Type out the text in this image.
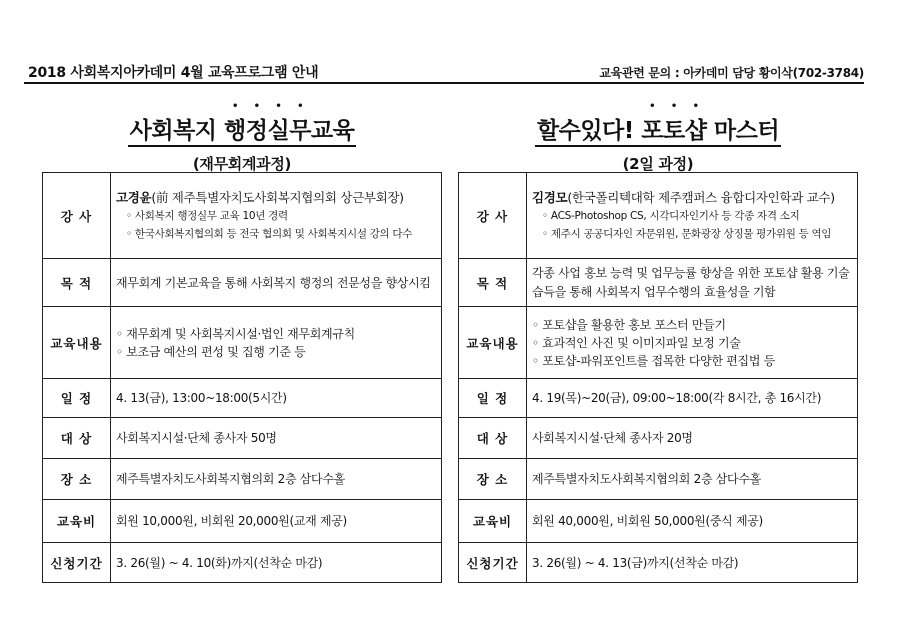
2018 사회복지아카데미 4월 교육프로그램 안내	교육관련 문의 : 아카데미 담당 황이삭(702-3784)
사회복지 행정실무교육
(재무회계과정)
할수있다! 포토샵 마스터
(2일 과정)
강 사	고경윤(前 제주특별자치도사회복지협의회 상근부회장)
◦ 사회복지 행정실무 교육 10년 경력
◦ 한국사회복지협의회 등 전국 협의회 및 사회복지시설 강의 다수

목 적	재무회계 기본교육을 통해 사회복지 행정의 전문성을 향상시킴
교육내용	◦ 재무회계 및 사회복지시설·법인 재무회계규칙
◦ 보조금 예산의 편성 및 집행 기준 등

일 정	4. 13(금), 13:00~18:00(5시간)
대 상	사회복지시설·단체 종사자 50명
장 소	제주특별자치도사회복지협의회 2층 삼다수홀
교육비	회원 10,000원, 비회원 20,000원(교재 제공)
신청기간	3. 26(월) ~ 4. 10(화)까지(선착순 마감)
강 사	김경모(한국폴리텍대학 제주캠퍼스 융합디자인학과 교수)
◦ ACS-Photoshop CS, 시각디자인기사 등 각종 자격 소지
◦ 제주시 공공디자인 자문위원, 문화광장 상징물 평가위원 등 역임

목 적	각종 사업 홍보 능력 및 업무능률 향상을 위한 포토샵 활용 기술 습득을 통해 사회복지 업무수행의 효율성을 기함
교육내용	◦ 포토샵을 활용한 홍보 포스터 만들기
◦ 효과적인 사진 및 이미지파일 보정 기술
◦ 포토샵-파워포인트를 접목한 다양한 편집법 등

일 정	4. 19(목)~20(금), 09:00~18:00(각 8시간, 총 16시간)
대 상	사회복지시설·단체 종사자 20명
장 소	제주특별자치도사회복지협의회 2층 삼다수홀
교육비	회원 40,000원, 비회원 50,000원(중식 제공)
신청기간	3. 26(월) ~ 4. 13(금)까지(선착순 마감)
